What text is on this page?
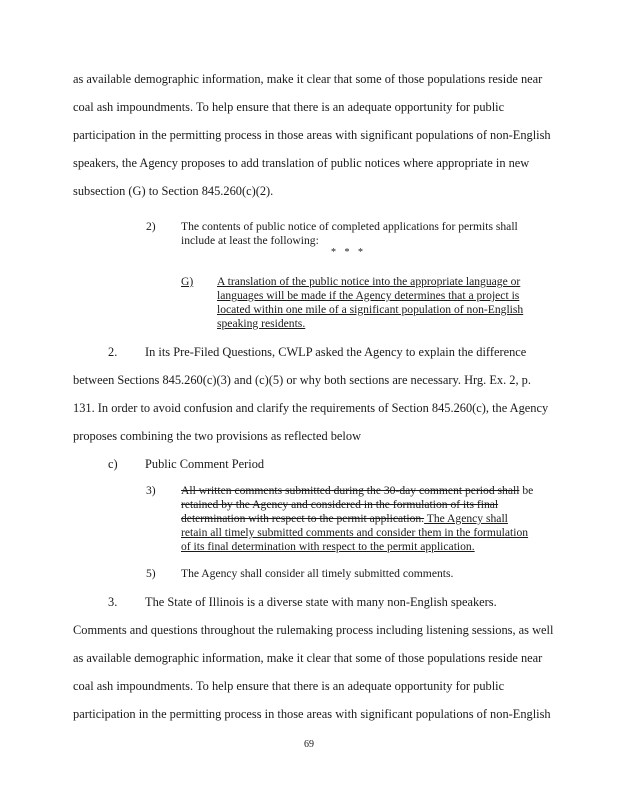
as available demographic information, make it clear that some of those populations reside near
coal ash impoundments. To help ensure that there is an adequate opportunity for public
participation in the permitting process in those areas with significant populations of non-English
speakers, the Agency proposes to add translation of public notices where appropriate in new
subsection (G) to Section 845.260(c)(2).
2) The contents of public notice of completed applications for permits shall
include at least the following:
* * *
G) A translation of the public notice into the appropriate language or
languages will be made if the Agency determines that a project is
located within one mile of a significant population of non-English
speaking residents.
2. In its Pre-Filed Questions, CWLP asked the Agency to explain the difference
between Sections 845.260(c)(3) and (c)(5) or why both sections are necessary. Hrg. Ex. 2, p.
131. In order to avoid confusion and clarify the requirements of Section 845.260(c), the Agency
proposes combining the two provisions as reflected below
c) Public Comment Period
3) All written comments submitted during the 30-day comment period shall be
retained by the Agency and considered in the formulation of its final
determination with respect to the permit application. The Agency shall
retain all timely submitted comments and consider them in the formulation
of its final determination with respect to the permit application.
5) The Agency shall consider all timely submitted comments.
3. The State of Illinois is a diverse state with many non-English speakers.
Comments and questions throughout the rulemaking process including listening sessions, as well
as available demographic information, make it clear that some of those populations reside near
coal ash impoundments. To help ensure that there is an adequate opportunity for public
participation in the permitting process in those areas with significant populations of non-English
69
